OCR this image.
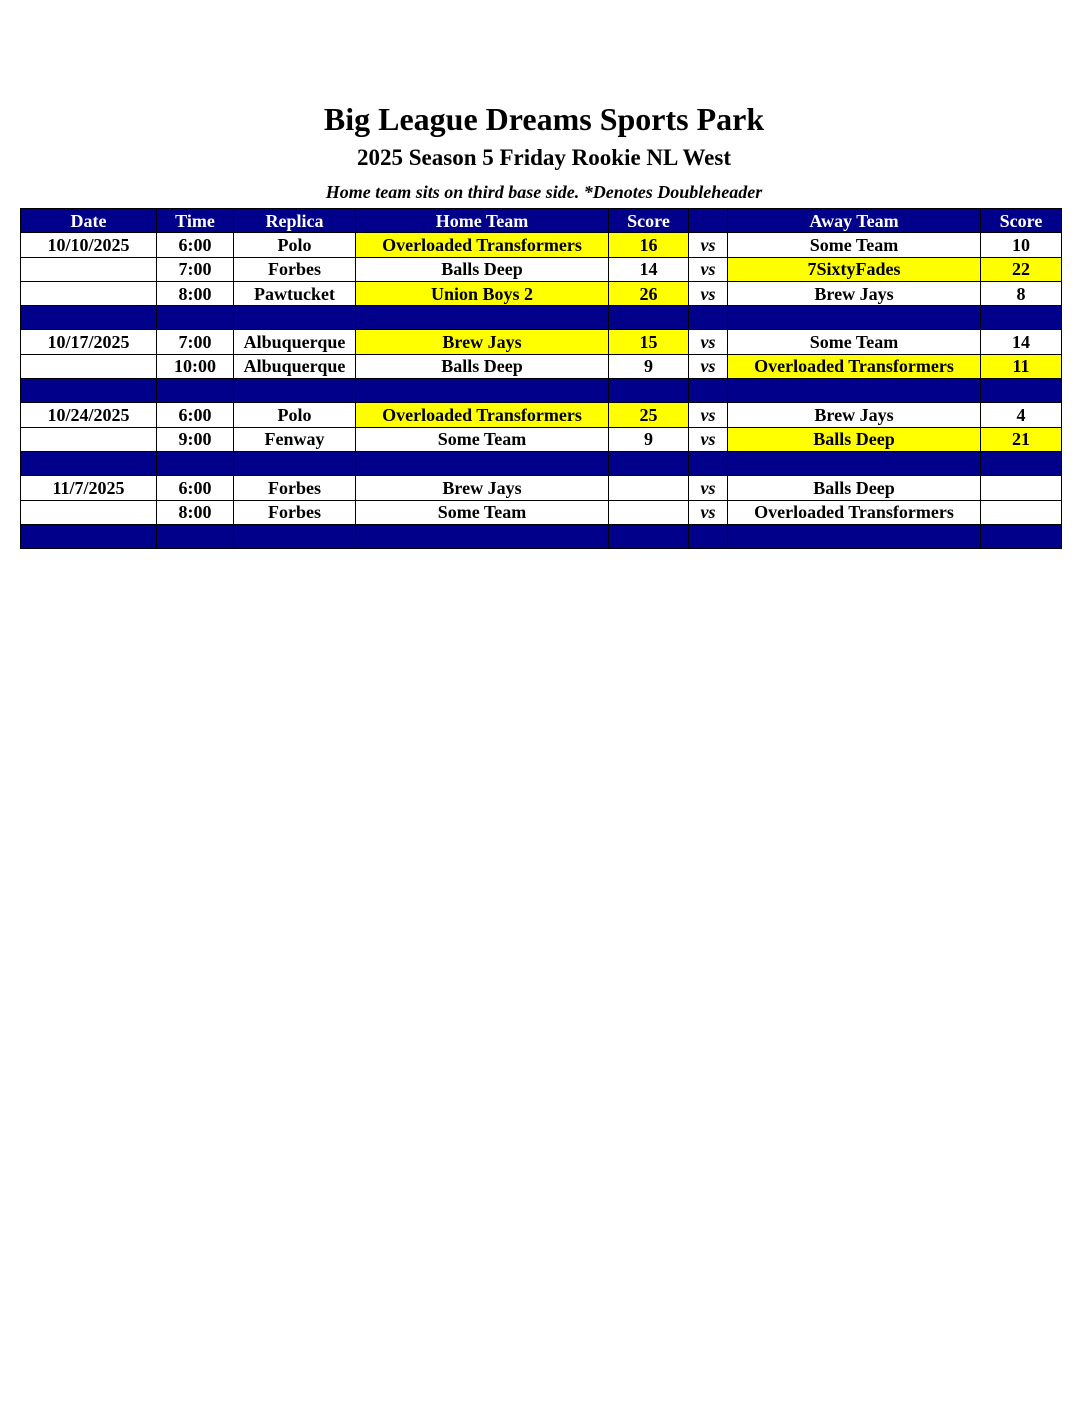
Big League Dreams Sports Park
2025 Season 5 Friday Rookie NL West
Home team sits on third base side. *Denotes Doubleheader
Date	Time	Replica	Home Team	Score		Away Team	Score
10/10/2025	6:00	Polo	Overloaded Transformers	16	vs	Some Team	10
	7:00	Forbes	Balls Deep	14	vs	7SixtyFades	22
	8:00	Pawtucket	Union Boys 2	26	vs	Brew Jays	8

10/17/2025	7:00	Albuquerque	Brew Jays	15	vs	Some Team	14
	10:00	Albuquerque	Balls Deep	9	vs	Overloaded Transformers	11

10/24/2025	6:00	Polo	Overloaded Transformers	25	vs	Brew Jays	4
	9:00	Fenway	Some Team	9	vs	Balls Deep	21

11/7/2025	6:00	Forbes	Brew Jays		vs	Balls Deep	
	8:00	Forbes	Some Team		vs	Overloaded Transformers	
